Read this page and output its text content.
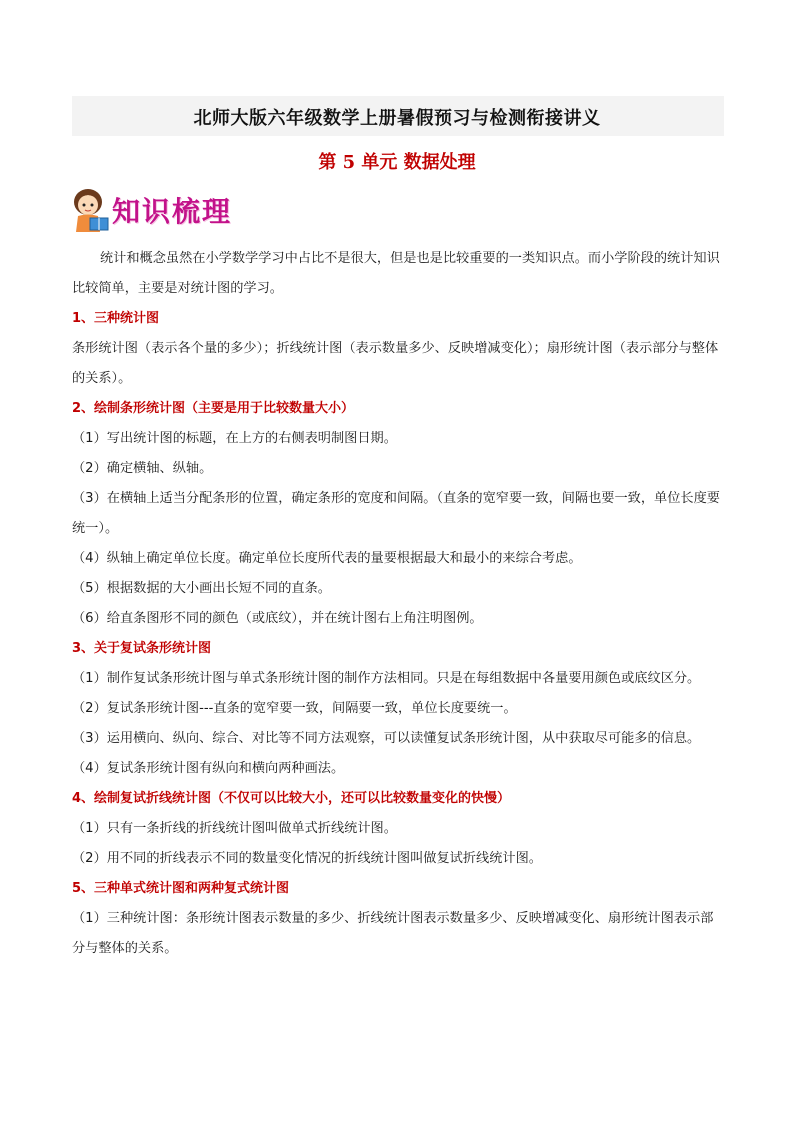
北师大版六年级数学上册暑假预习与检测衔接讲义
第 5 单元 数据处理
知识梳理

统计和概念虽然在小学数学学习中占比不是很大，但是也是比较重要的一类知识点。而小学阶段的统计知识比较简单，主要是对统计图的学习。

1、三种统计图

条形统计图（表示各个量的多少）；折线统计图（表示数量多少、反映增减变化）；扇形统计图（表示部分与整体的关系）。

2、绘制条形统计图（主要是用于比较数量大小）

（1）写出统计图的标题，在上方的右侧表明制图日期。

（2）确定横轴、纵轴。

（3）在横轴上适当分配条形的位置，确定条形的宽度和间隔。（直条的宽窄要一致，间隔也要一致，单位长度要统一）。

（4）纵轴上确定单位长度。确定单位长度所代表的量要根据最大和最小的来综合考虑。

（5）根据数据的大小画出长短不同的直条。

（6）给直条图形不同的颜色（或底纹），并在统计图右上角注明图例。

3、关于复试条形统计图

（1）制作复试条形统计图与单式条形统计图的制作方法相同。只是在每组数据中各量要用颜色或底纹区分。

（2）复试条形统计图---直条的宽窄要一致，间隔要一致，单位长度要统一。

（3）运用横向、纵向、综合、对比等不同方法观察，可以读懂复试条形统计图，从中获取尽可能多的信息。

（4）复试条形统计图有纵向和横向两种画法。

4、绘制复试折线统计图（不仅可以比较大小，还可以比较数量变化的快慢）

（1）只有一条折线的折线统计图叫做单式折线统计图。

（2）用不同的折线表示不同的数量变化情况的折线统计图叫做复试折线统计图。

5、三种单式统计图和两种复式统计图

（1）三种统计图：条形统计图表示数量的多少、折线统计图表示数量多少、反映增减变化、扇形统计图表示部分与整体的关系。
